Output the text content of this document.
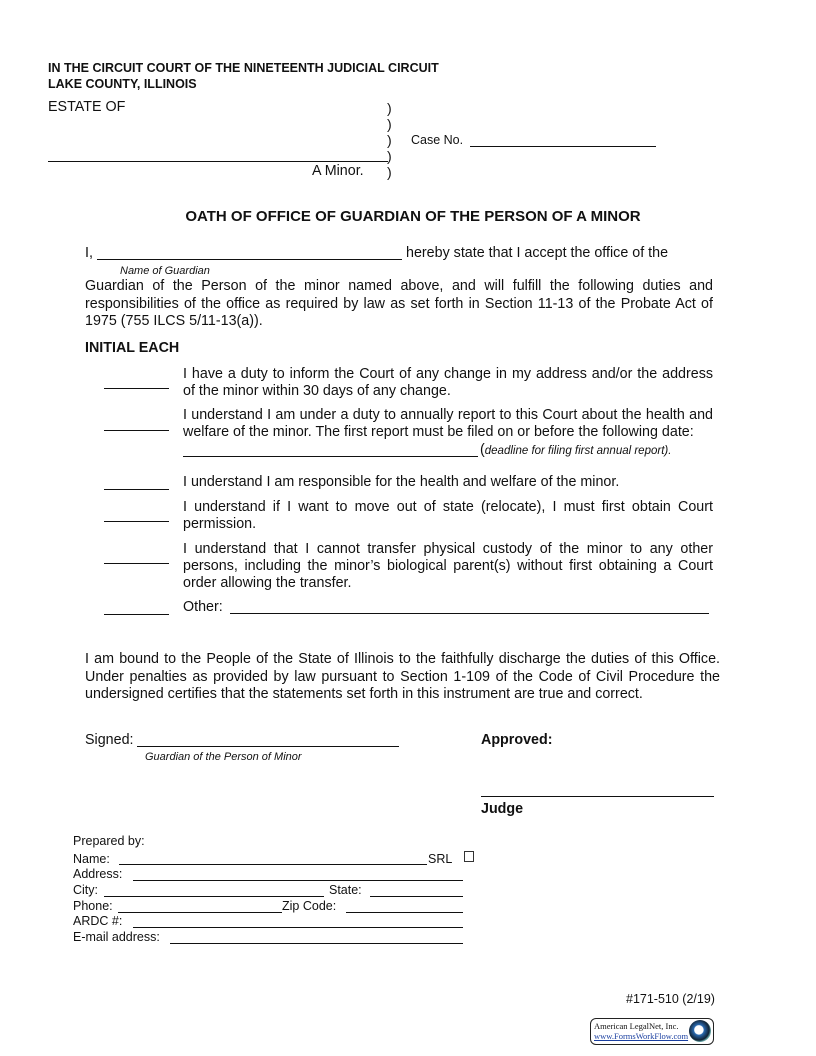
IN THE CIRCUIT COURT OF THE NINETEENTH JUDICIAL CIRCUIT
LAKE COUNTY, ILLINOIS
ESTATE OF	)
)
)
)
)
A Minor.
Case No.
OATH OF OFFICE OF GUARDIAN OF THE PERSON OF A MINOR
I,	hereby state that I accept the office of the
Name of Guardian
Guardian of the Person of the minor named above, and will fulfill the following duties and responsibilities of the office as required by law as set forth in Section 11-13 of the Probate Act of 1975 (755 ILCS 5/11-13(a)).
INITIAL EACH
I have a duty to inform the Court of any change in my address and/or the address of the minor within 30 days of any change.
I understand I am under a duty to annually report to this Court about the health and welfare of the minor. The first report must be filed on or before the following date:
(deadline for filing first annual report).
I understand I am responsible for the health and welfare of the minor.
I understand if I want to move out of state (relocate), I must first obtain Court permission.
I understand that I cannot transfer physical custody of the minor to any other persons, including the minor’s biological parent(s) without first obtaining a Court order allowing the transfer.
Other:
I am bound to the People of the State of Illinois to the faithfully discharge the duties of this Office. Under penalties as provided by law pursuant to Section 1-109 of the Code of Civil Procedure the undersigned certifies that the statements set forth in this instrument are true and correct.
Signed:
Guardian of the Person of Minor
Approved:
Judge
Prepared by:
Name:	SRL
Address:
City:	State:
Phone:	Zip Code:
ARDC #:
E-mail address:
#171-510 (2/19)
American LegalNet, Inc.
www.FormsWorkFlow.com
